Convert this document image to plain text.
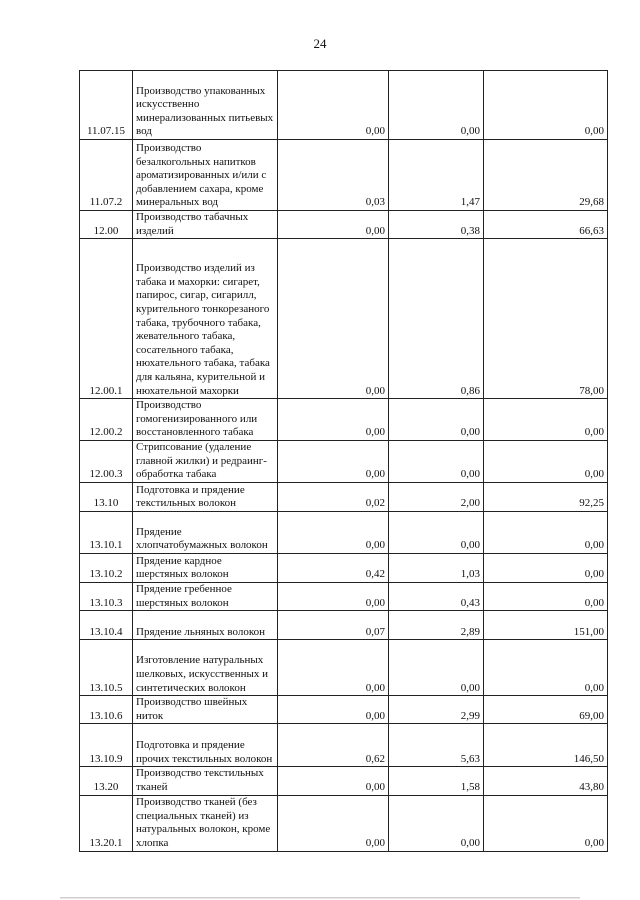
24
11.07.15	Производство упакованных искусственно минерализованных питьевых вод	0,00	0,00	0,00
11.07.2	Производство безалкогольных напитков ароматизированных и/или с добавлением сахара, кроме минеральных вод	0,03	1,47	29,68
12.00	Производство табачных изделий	0,00	0,38	66,63
12.00.1	Производство изделий из табака и махорки: сигарет, папирос, сигар, сигарилл, курительного тонкорезаного табака, трубочного табака, жевательного табака, сосательного табака, нюхательного табака, табака для кальяна, курительной и нюхательной махорки	0,00	0,86	78,00
12.00.2	Производство гомогенизированного или восстановленного табака	0,00	0,00	0,00
12.00.3	Стрипсование (удаление главной жилки) и редраинг-обработка табака	0,00	0,00	0,00
13.10	Подготовка и прядение текстильных волокон	0,02	2,00	92,25
13.10.1	Прядение хлопчатобумажных волокон	0,00	0,00	0,00
13.10.2	Прядение кардное шерстяных волокон	0,42	1,03	0,00
13.10.3	Прядение гребенное шерстяных волокон	0,00	0,43	0,00
13.10.4	Прядение льняных волокон	0,07	2,89	151,00
13.10.5	Изготовление натуральных шелковых, искусственных и синтетических волокон	0,00	0,00	0,00
13.10.6	Производство швейных ниток	0,00	2,99	69,00
13.10.9	Подготовка и прядение прочих текстильных волокон	0,62	5,63	146,50
13.20	Производство текстильных тканей	0,00	1,58	43,80
13.20.1	Производство тканей (без специальных тканей) из натуральных волокон, кроме хлопка	0,00	0,00	0,00
